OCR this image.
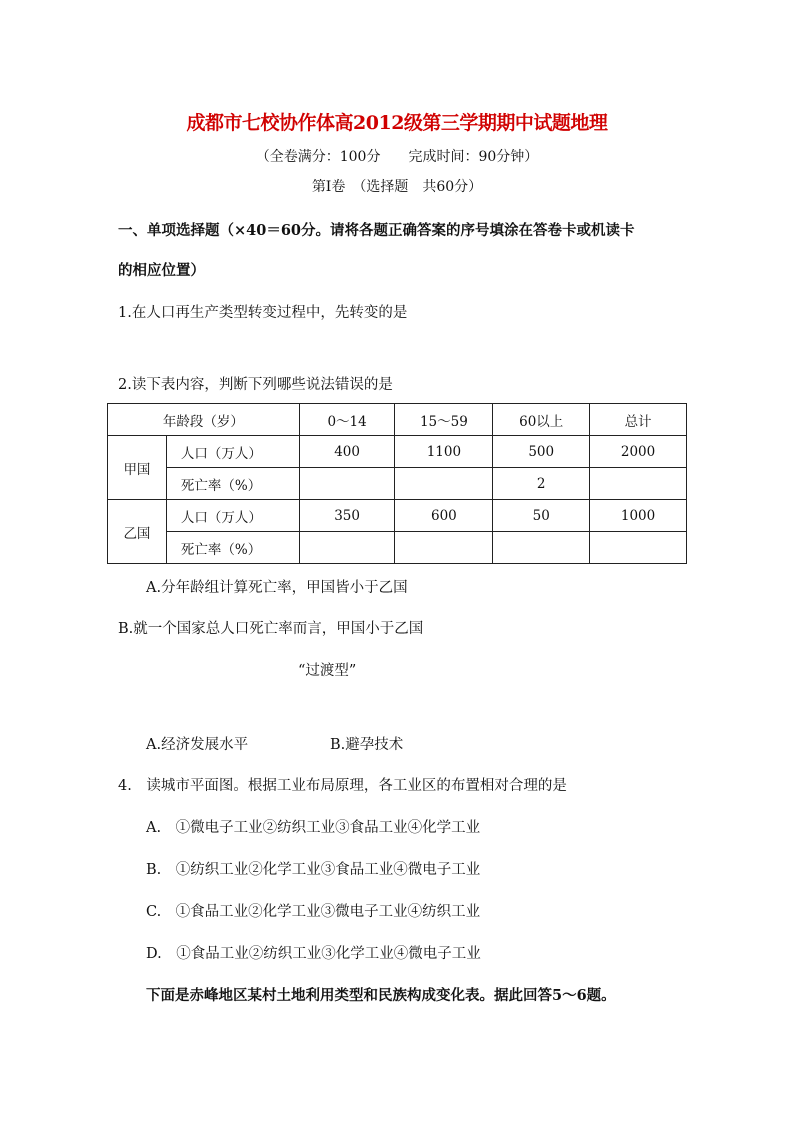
成都市七校协作体高2012级第三学期期中试题地理
（全卷满分：100分　　完成时间：90分钟）
第Ⅰ卷　（选择题　共60分）
一、单项选择题（×40＝60分。请将各题正确答案的序号填涂在答卷卡或机读卡
的相应位置）
1.在人口再生产类型转变过程中，先转变的是
2.读下表内容，判断下列哪些说法错误的是
年龄段（岁）		0～14	15～59	60以上	总计
甲国	人口（万人）	400	1100	500	2000
	死亡率（%）			2	
乙国	人口（万人）	350	600	50	1000
	死亡率（%）				
A.分年龄组计算死亡率，甲国皆小于乙国
B.就一个国家总人口死亡率而言，甲国小于乙国
“过渡型”
A.经济发展水平	B.避孕技术
4.　读城市平面图。根据工业布局原理，各工业区的布置相对合理的是
A.　①微电子工业②纺织工业③食品工业④化学工业
B.　①纺织工业②化学工业③食品工业④微电子工业
C.　①食品工业②化学工业③微电子工业④纺织工业
D.　①食品工业②纺织工业③化学工业④微电子工业
下面是赤峰地区某村土地利用类型和民族构成变化表。据此回答5～6题。
